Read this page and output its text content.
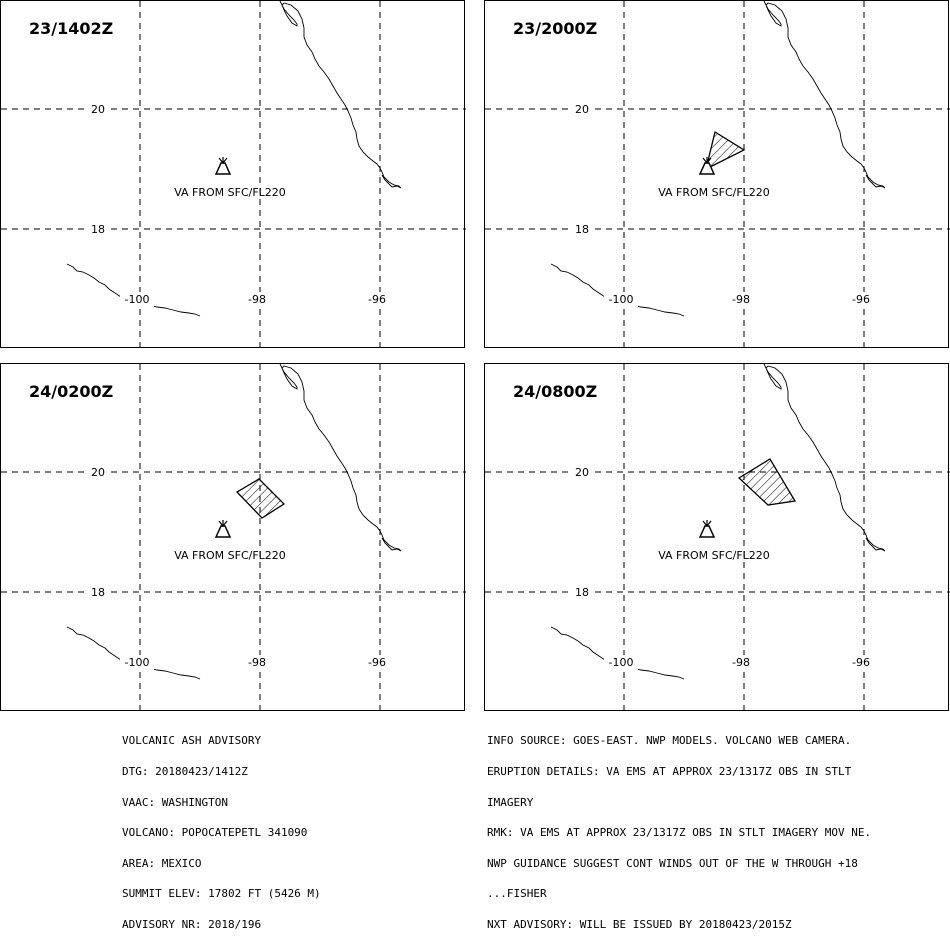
20
18
-100	-98	-96
VA FROM SFC/FL220
23/1402Z
20
18
-100	-98	-96
VA FROM SFC/FL220
23/2000Z
20
18
-100	-98	-96
VA FROM SFC/FL220
24/0200Z
20
18
-100	-98	-96
VA FROM SFC/FL220
24/0800Z

VOLCANIC ASH ADVISORY

DTG: 20180423/1412Z

VAAC: WASHINGTON

VOLCANO: POPOCATEPETL 341090

AREA: MEXICO

SUMMIT ELEV: 17802 FT (5426 M)

ADVISORY NR: 2018/196

INFO SOURCE: GOES-EAST. NWP MODELS. VOLCANO WEB CAMERA.

ERUPTION DETAILS: VA EMS AT APPROX 23/1317Z OBS IN STLT

IMAGERY

RMK: VA EMS AT APPROX 23/1317Z OBS IN STLT IMAGERY MOV NE.

NWP GUIDANCE SUGGEST CONT WINDS OUT OF THE W THROUGH +18

...FISHER

NXT ADVISORY: WILL BE ISSUED BY 20180423/2015Z
